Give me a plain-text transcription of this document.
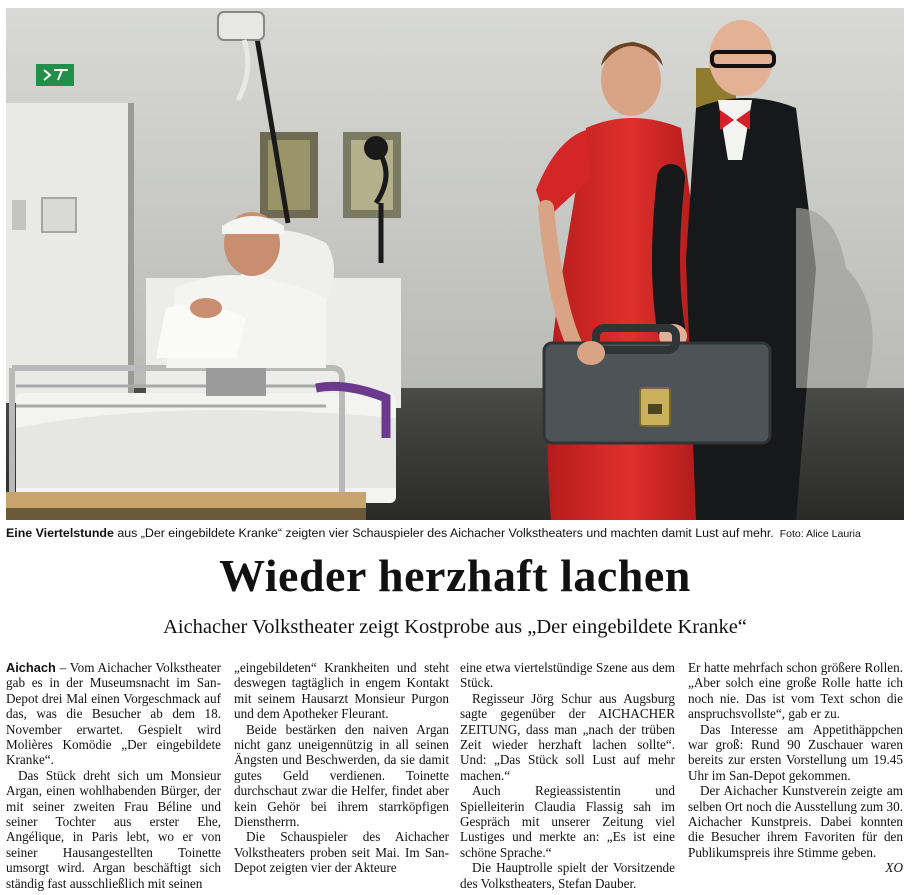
Eine Viertelstunde aus „Der eingebildete Kranke“ zeigten vier Schauspieler des Aichacher Volkstheaters und machten damit Lust auf mehr. Foto: Alice Lauria
Wieder herzhaft lachen
Aichacher Volkstheater zeigt Kostprobe aus „Der eingebildete Kranke“

Aichach – Vom Aichacher Volkstheater gab es in der Museumsnacht im San-Depot drei Mal einen Vorgeschmack auf das, was die Besucher ab dem 18. November erwartet. Gespielt wird Molières Komödie „Der eingebildete Kranke“.

Das Stück dreht sich um Monsieur Argan, einen wohlhabenden Bürger, der mit seiner zweiten Frau Béline und seiner Tochter aus erster Ehe, Angélique, in Paris lebt, wo er von seiner Hausangestellten Toinette umsorgt wird. Argan beschäftigt sich ständig fast ausschließlich mit seinen

„eingebildeten“ Krankheiten und steht deswegen tagtäglich in engem Kontakt mit seinem Hausarzt Monsieur Purgon und dem Apotheker Fleurant.

Beide bestärken den naiven Argan nicht ganz uneigennützig in all seinen Ängsten und Beschwerden, da sie damit gutes Geld verdienen. Toinette durchschaut zwar die Helfer, findet aber kein Gehör bei ihrem starrköpfigen Dienstherrn.

Die Schauspieler des Aichacher Volkstheaters proben seit Mai. Im San-Depot zeigten vier der Akteure

eine etwa viertelstündige Szene aus dem Stück.

Regisseur Jörg Schur aus Augsburg sagte gegenüber der AICHACHER ZEITUNG, dass man „nach der trüben Zeit wieder herzhaft lachen sollte“. Und: „Das Stück soll Lust auf mehr machen.“

Auch Regieassistentin und Spielleiterin Claudia Flassig sah im Gespräch mit unserer Zeitung viel Lustiges und merkte an: „Es ist eine schöne Sprache.“

Die Hauptrolle spielt der Vorsitzende des Volkstheaters, Stefan Dauber.

Er hatte mehrfach schon größere Rollen. „Aber solch eine große Rolle hatte ich noch nie. Das ist vom Text schon die anspruchsvollste“, gab er zu.

Das Interesse am Appetithäppchen war groß: Rund 90 Zuschauer waren bereits zur ersten Vorstellung um 19.45 Uhr im San-Depot gekommen.

Der Aichacher Kunstverein zeigte am selben Ort noch die Ausstellung zum 30. Aichacher Kunstpreis. Dabei konnten die Besucher ihrem Favoriten für den Publikumspreis ihre Stimme geben.
XO
